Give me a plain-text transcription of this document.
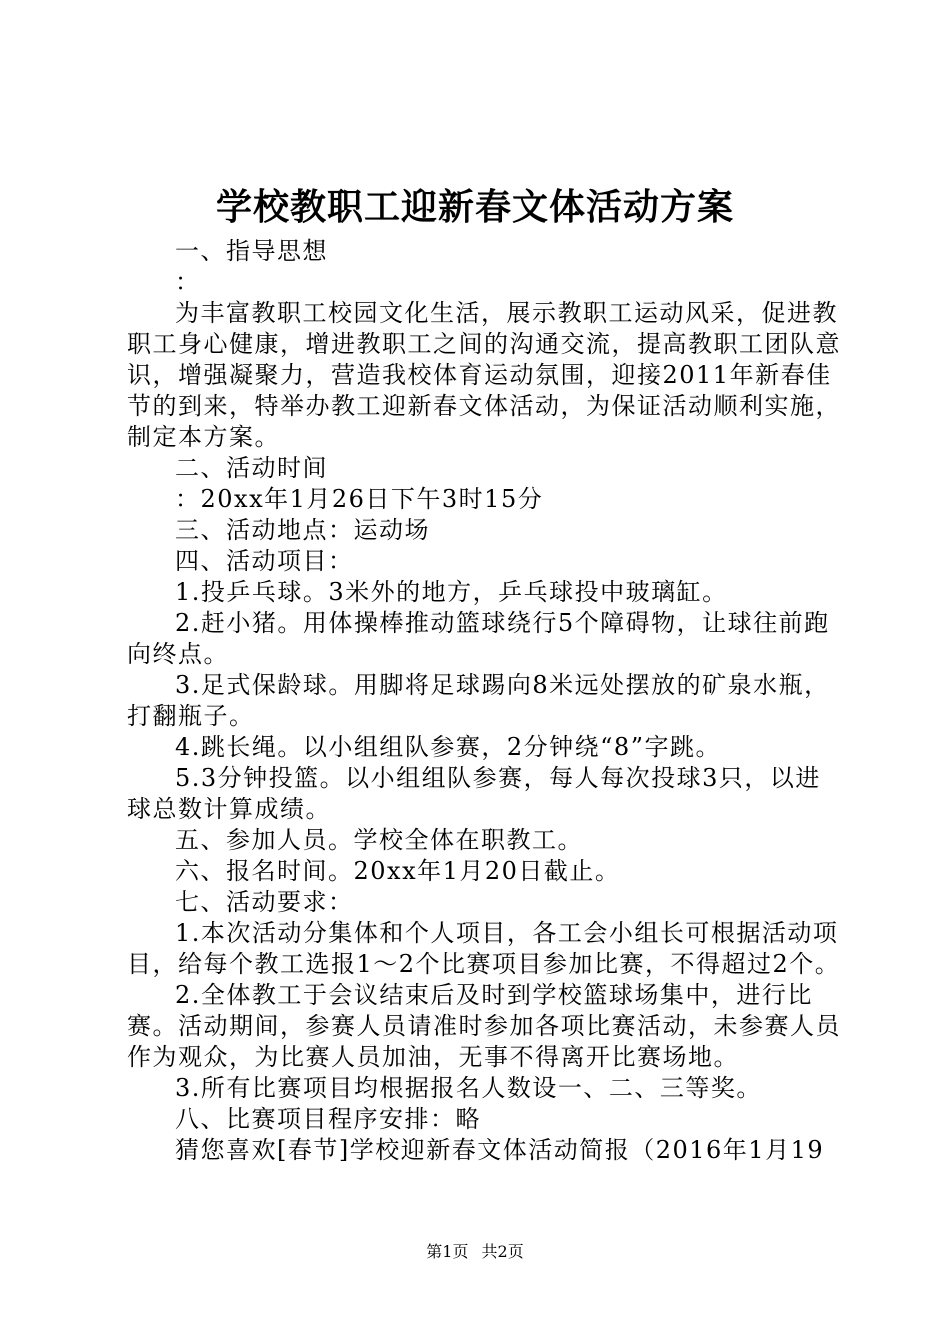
学校教职工迎新春文体活动方案

一、指导思想

：

为丰富教职工校园文化生活，展示教职工运动风采，促进教职工身心健康，增进教职工之间的沟通交流，提高教职工团队意识，增强凝聚力，营造我校体育运动氛围，迎接2011年新春佳节的到来，特举办教工迎新春文体活动，为保证活动顺利实施，制定本方案。

二、活动时间

：20xx年1月26日下午3时15分

三、活动地点：运动场

四、活动项目：

1.投乒乓球。3米外的地方，乒乓球投中玻璃缸。

2.赶小猪。用体操棒推动篮球绕行5个障碍物，让球往前跑向终点。

3.足式保龄球。用脚将足球踢向8米远处摆放的矿泉水瓶，打翻瓶子。

4.跳长绳。以小组组队参赛，2分钟绕“8”字跳。

5.3分钟投篮。以小组组队参赛，每人每次投球3只，以进球总数计算成绩。

五、参加人员。学校全体在职教工。

六、报名时间。20xx年1月20日截止。

七、活动要求：

1.本次活动分集体和个人项目，各工会小组长可根据活动项目，给每个教工选报1～2个比赛项目参加比赛，不得超过2个。

2.全体教工于会议结束后及时到学校篮球场集中，进行比赛。活动期间，参赛人员请准时参加各项比赛活动，未参赛人员作为观众，为比赛人员加油，无事不得离开比赛场地。

3.所有比赛项目均根据报名人数设一、二、三等奖。

八、比赛项目程序安排：略

猜您喜欢[春节]学校迎新春文体活动简报（2016年1月19

第1页 共2页
